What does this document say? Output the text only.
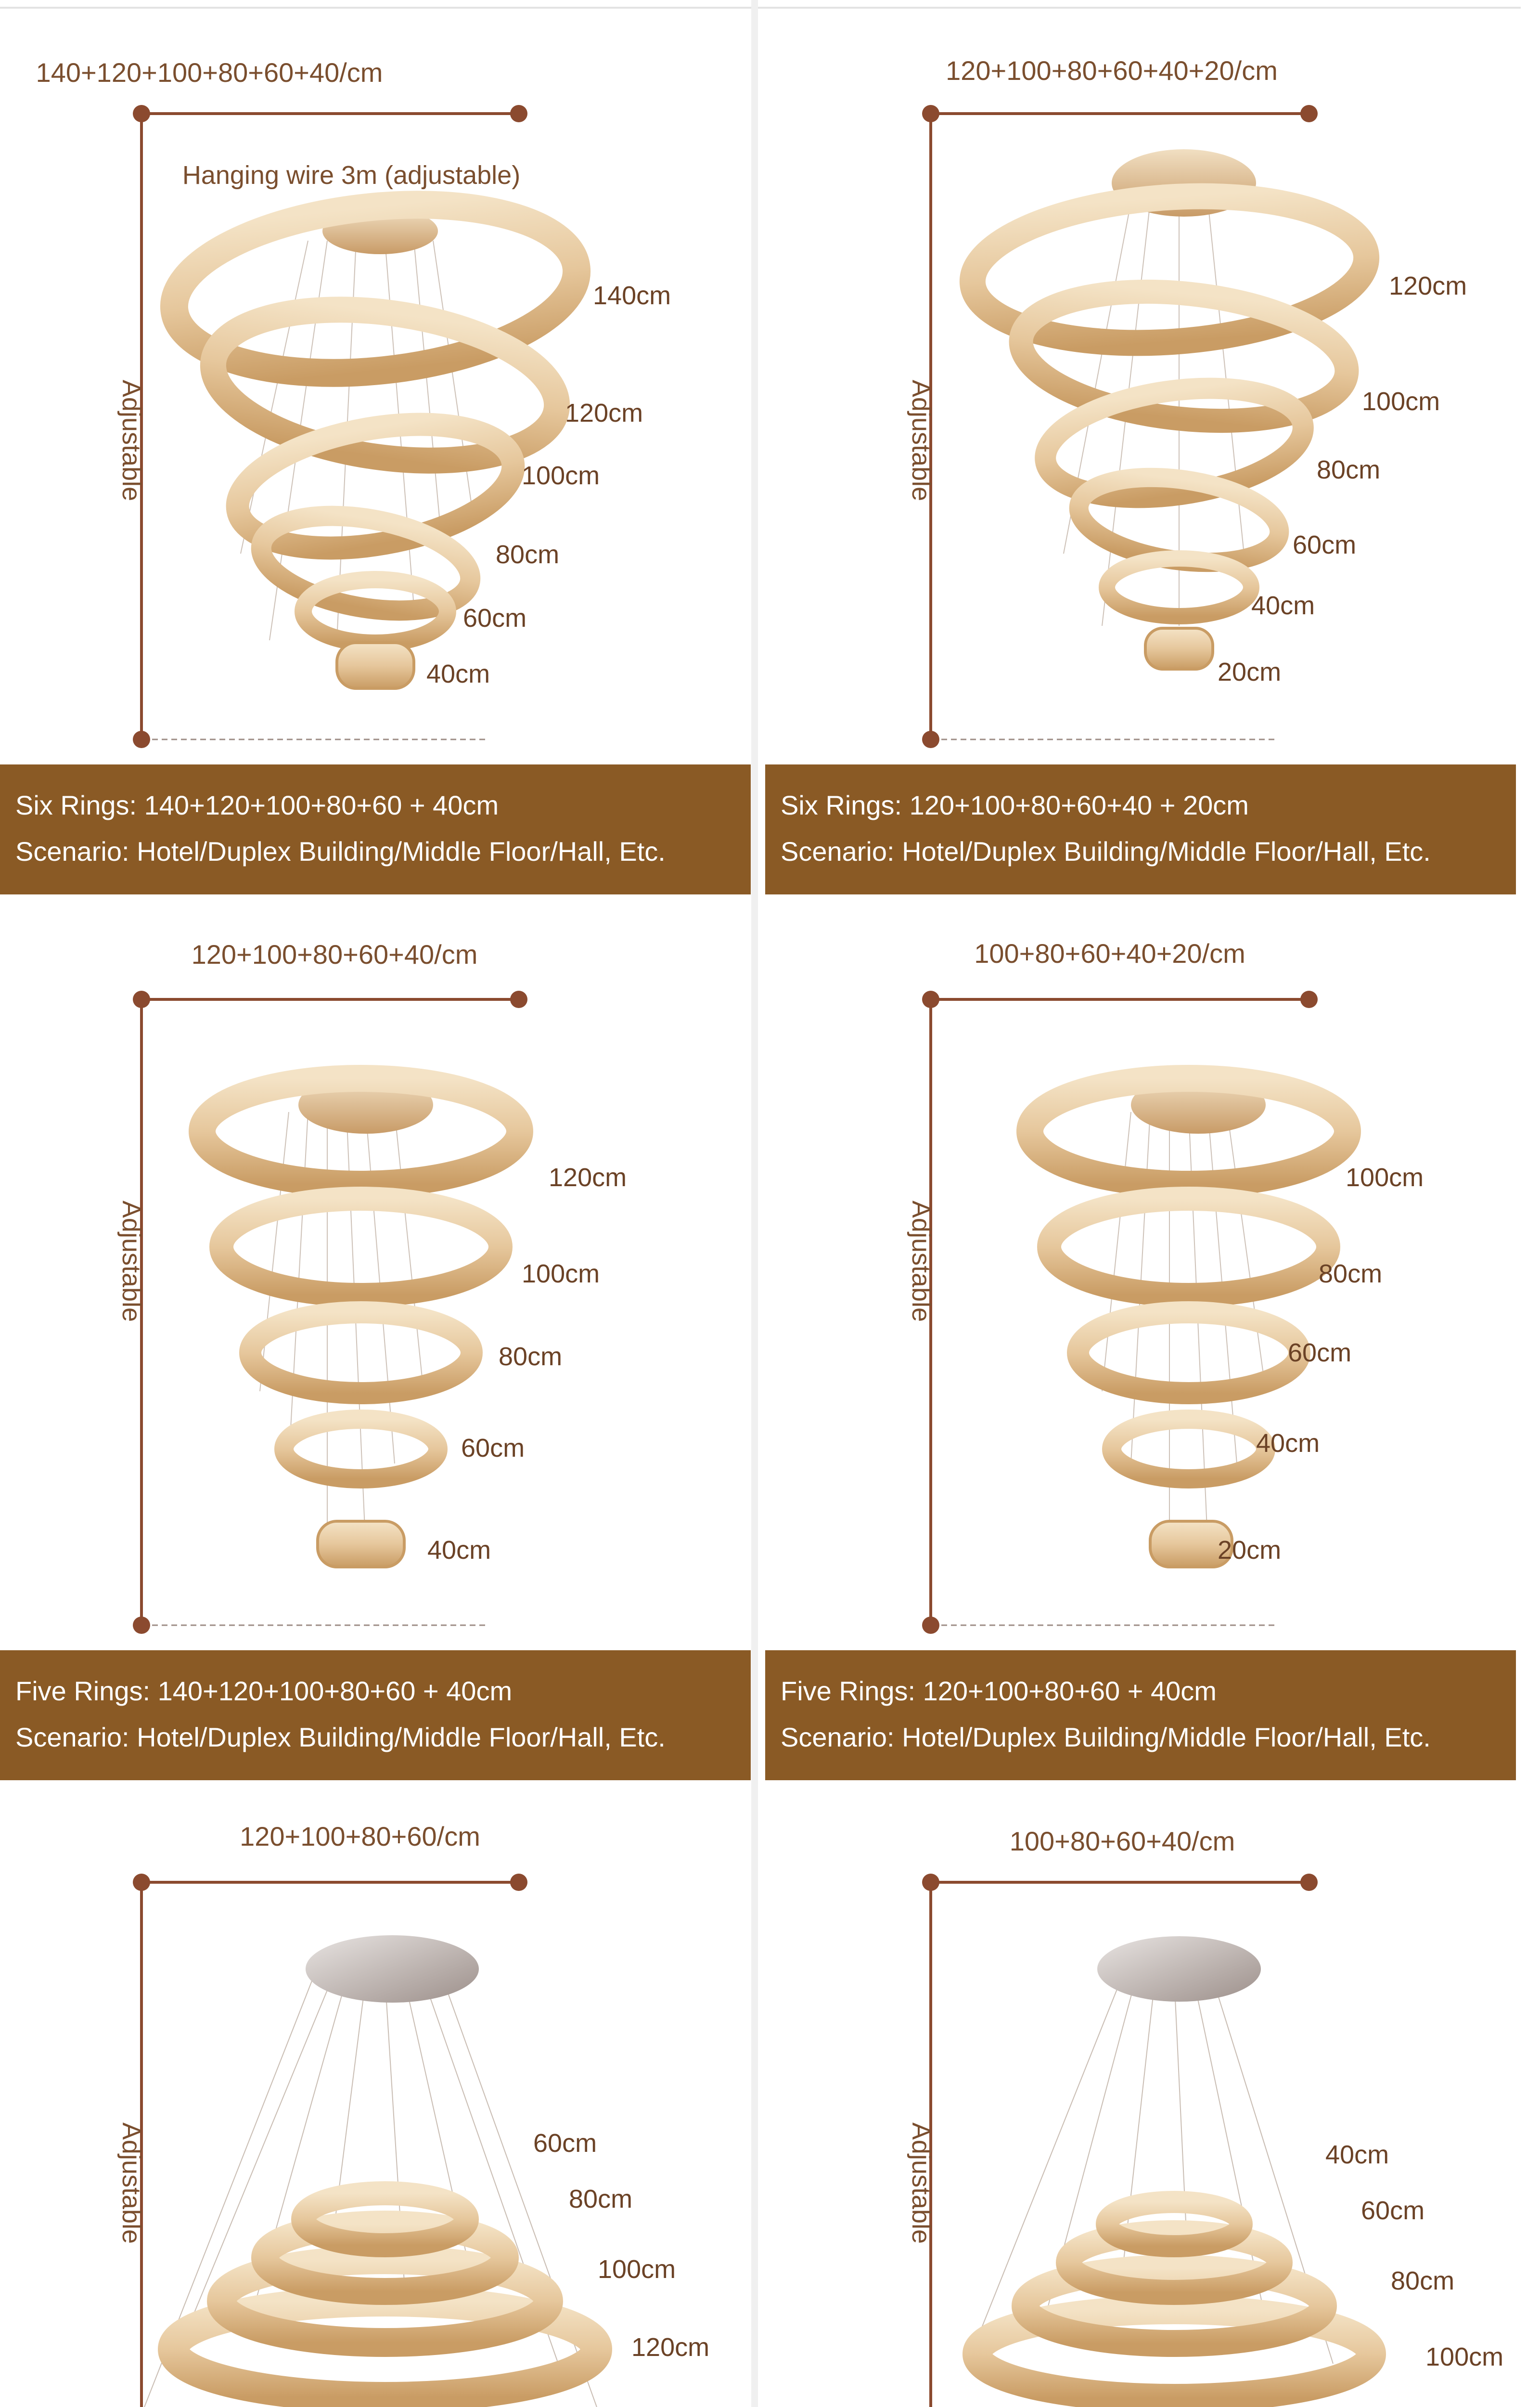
140+120+100+80+60+40/cm
Adjustable
Hanging wire 3m (adjustable)
140cm
120cm
100cm
80cm
60cm
40cm
Six Rings: 140+120+100+80+60 + 40cm
Scenario: Hotel/Duplex Building/Middle Floor/Hall, Etc.
120+100+80+60+40+20/cm
Adjustable
120cm
100cm
80cm
60cm
40cm
20cm
Six Rings: 120+100+80+60+40 + 20cm
Scenario: Hotel/Duplex Building/Middle Floor/Hall, Etc.
120+100+80+60+40/cm
Adjustable
120cm
100cm
80cm
60cm
40cm
Five Rings: 140+120+100+80+60 + 40cm
Scenario: Hotel/Duplex Building/Middle Floor/Hall, Etc.
100+80+60+40+20/cm
Adjustable
100cm
80cm
60cm
40cm
20cm
Five Rings: 120+100+80+60 + 40cm
Scenario: Hotel/Duplex Building/Middle Floor/Hall, Etc.
120+100+80+60/cm
Adjustable	60cm
80cm
100cm
120cm
100+80+60+40/cm
Adjustable	40cm
60cm
80cm
100cm
